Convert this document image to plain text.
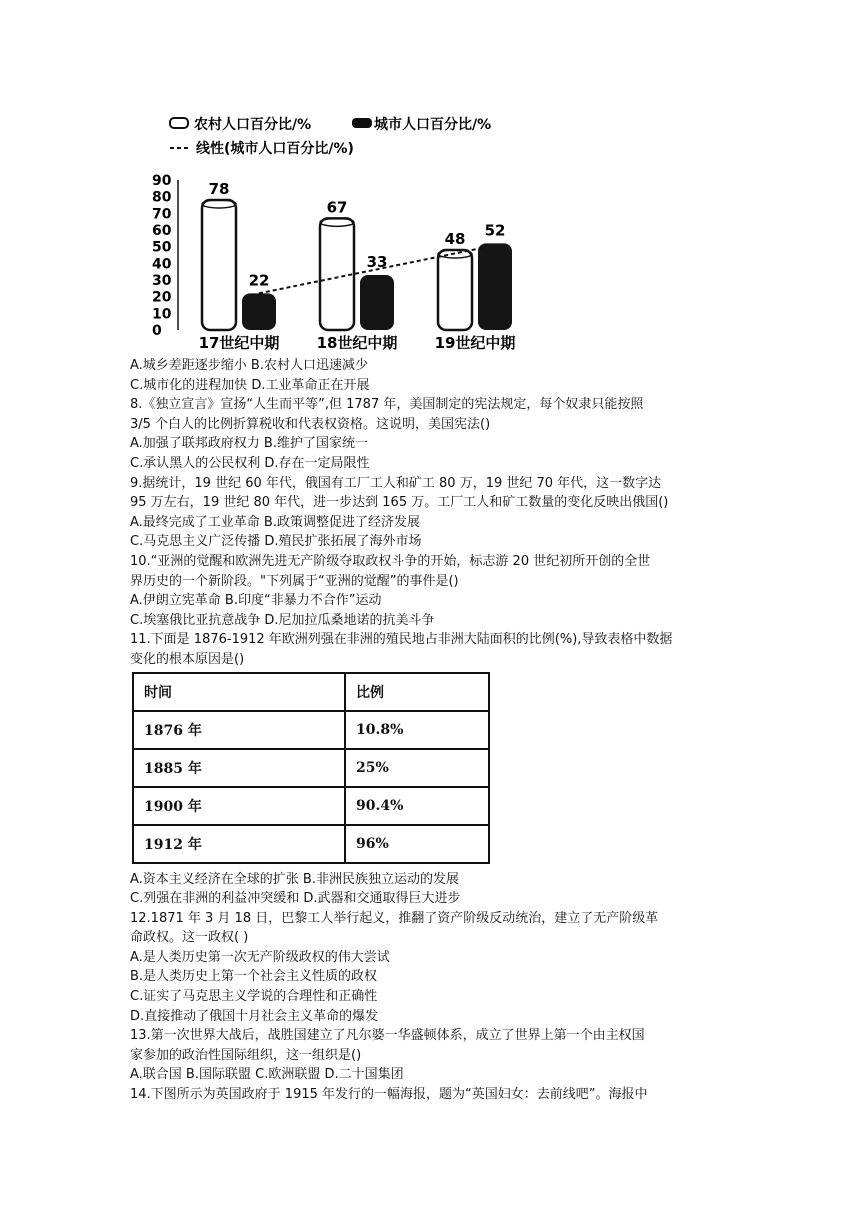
农村人口百分比/%	城市人口百分比/%
线性(城市人口百分比/%)
90
80
70
60
50
40
30
20
10
0
78
22
17世纪中期
67
33
18世纪中期
48 52
19世纪中期
A.城乡差距逐步缩小 B.农村人口迅速减少
C.城市化的进程加快 D.工业革命正在开展
8.《独立宣言》宣扬“人生而平等”,但 1787 年，美国制定的宪法规定，每个奴隶只能按照
3/5 个白人的比例折算税收和代表权资格。这说明，美国宪法()
A.加强了联邦政府权力 B.维护了国家统一
C.承认黑人的公民权利 D.存在一定局限性
9.据统计，19 世纪 60 年代，俄国有工厂工人和矿工 80 万，19 世纪 70 年代，这一数字达
95 万左右，19 世纪 80 年代，进一步达到 165 万。工厂工人和矿工数量的变化反映出俄国()
A.最终完成了工业革命 B.政策调整促进了经济发展
C.马克思主义广泛传播 D.殖民扩张拓展了海外市场
10.“亚洲的觉醒和欧洲先进无产阶级夺取政权斗争的开始，标志游 20 世纪初所开创的全世
界历史的一个新阶段。"下列属于“亚洲的觉醒”的事件是()
A.伊朗立宪革命 B.印度“非暴力不合作”运动
C.埃塞俄比亚抗意战争 D.尼加拉瓜桑地诺的抗美斗争
11.下面是 1876-1912 年欧洲列强在非洲的殖民地占非洲大陆面积的比例(%),导致表格中数据
变化的根本原因是()
时间	比例
1876 年	10.8%
1885 年	25%
1900 年	90.4%
1912 年	96%
A.资本主义经济在全球的扩张 B.非洲民族独立运动的发展
C.列强在非洲的利益冲突缓和 D.武器和交通取得巨大进步
12.1871 年 3 月 18 日，巴黎工人举行起义，推翻了资产阶级反动统治，建立了无产阶级革
命政权。这一政权( )
A.是人类历史第一次无产阶级政权的伟大尝试
B.是人类历史上第一个社会主义性质的政权
C.证实了马克思主义学说的合理性和正确性
D.直接推动了俄国十月社会主义革命的爆发
13.第一次世界大战后，战胜国建立了凡尔婆一华盛顿体系，成立了世界上第一个由主权国
家参加的政治性国际组织，这一组织是()
A.联合国 B.国际联盟 C.欧洲联盟 D.二十国集团
14.下图所示为英国政府于 1915 年发行的一幅海报，题为“英国妇女：去前线吧”。海报中
